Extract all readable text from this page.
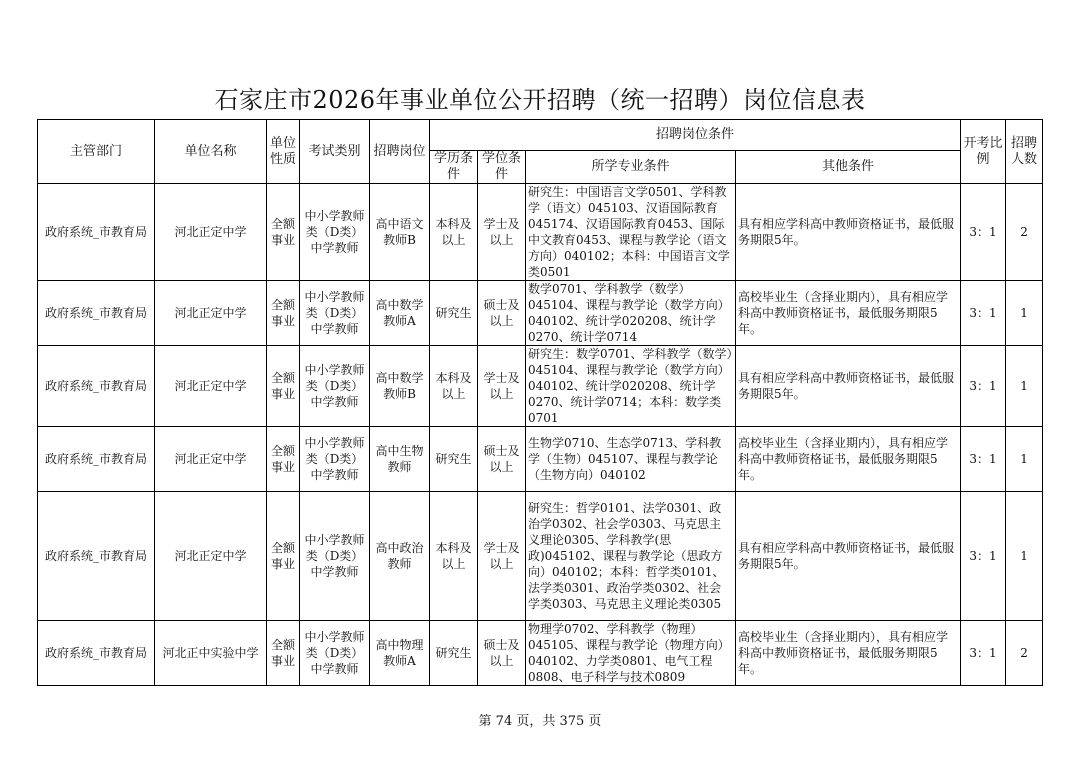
石家庄市2026年事业单位公开招聘（统一招聘）岗位信息表
主管部门	单位名称	单位性质	考试类别	招聘岗位	招聘岗位条件				开考比例	招聘人数
					学历条件	学位条件	所学专业条件	其他条件		
政府系统_市教育局	河北正定中学	全额事业	中小学教师类（D类）中学教师	高中语文教师B	本科及以上	学士及以上	研究生：中国语言文学0501、学科教学（语文）045103、汉语国际教育045174、汉语国际教育0453、国际中文教育0453、课程与教学论（语文方向）040102；本科：中国语言文学类0501	具有相应学科高中教师资格证书，最低服务期限5年。	3：1	2
政府系统_市教育局	河北正定中学	全额事业	中小学教师类（D类）中学教师	高中数学教师A	研究生	硕士及以上	数学0701、学科教学（数学）045104、课程与教学论（数学方向）040102、统计学020208、统计学0270、统计学0714	高校毕业生（含择业期内），具有相应学科高中教师资格证书，最低服务期限5年。	3：1	1
政府系统_市教育局	河北正定中学	全额事业	中小学教师类（D类）中学教师	高中数学教师B	本科及以上	学士及以上	研究生：数学0701、学科教学（数学）045104、课程与教学论（数学方向）040102、统计学020208、统计学0270、统计学0714；本科：数学类0701	具有相应学科高中教师资格证书，最低服务期限5年。	3：1	1
政府系统_市教育局	河北正定中学	全额事业	中小学教师类（D类）中学教师	高中生物教师	研究生	硕士及以上	生物学0710、生态学0713、学科教学（生物）045107、课程与教学论（生物方向）040102	高校毕业生（含择业期内），具有相应学科高中教师资格证书，最低服务期限5年。	3：1	1
政府系统_市教育局	河北正定中学	全额事业	中小学教师类（D类）中学教师	高中政治教师	本科及以上	学士及以上	研究生：哲学0101、法学0301、政治学0302、社会学0303、马克思主义理论0305、学科教学(思政)045102、课程与教学论（思政方向）040102；本科：哲学类0101、法学类0301、政治学类0302、社会学类0303、马克思主义理论类0305	具有相应学科高中教师资格证书，最低服务期限5年。	3：1	1
政府系统_市教育局	河北正中实验中学	全额事业	中小学教师类（D类）中学教师	高中物理教师A	研究生	硕士及以上	物理学0702、学科教学（物理）045105、课程与教学论（物理方向）040102、力学类0801、电气工程0808、电子科学与技术0809	高校毕业生（含择业期内），具有相应学科高中教师资格证书，最低服务期限5年。	3：1	2
第 74 页，共 375 页
